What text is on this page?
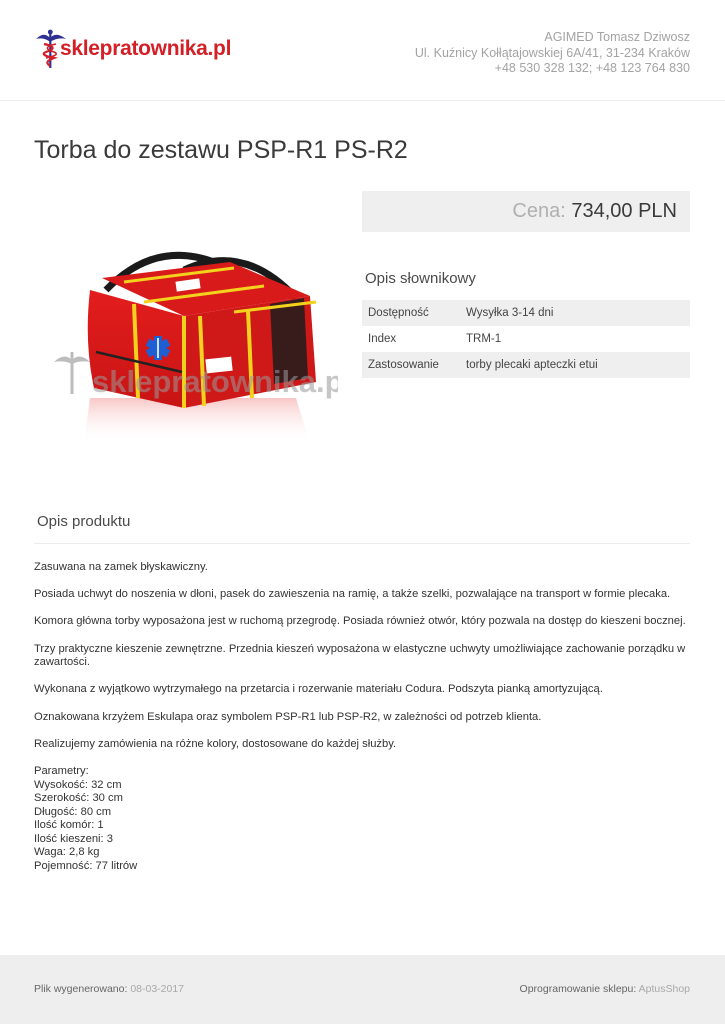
sklepratownika.pl	AGIMED Tomasz Dziwosz
Ul. Kuźnicy Kołłątajowskiej 6A/41, 31-234 Kraków
+48 530 328 132; +48 123 764 830
Torba do zestawu PSP-R1 PS-R2
sklepratownika.pl
Cena: 734,00 PLN
Opis słownikowy
Dostępność	Wysyłka 3-14 dni
Index	TRM-1
Zastosowanie	torby plecaki apteczki etui
Opis produktu

Zasuwana na zamek błyskawiczny.

Posiada uchwyt do noszenia w dłoni, pasek do zawieszenia na ramię, a także szelki, pozwalające na transport w formie plecaka.

Komora główna torby wyposażona jest w ruchomą przegrodę. Posiada również otwór, który pozwala na dostęp do kieszeni bocznej.

Trzy praktyczne kieszenie zewnętrzne. Przednia kieszeń wyposażona w elastyczne uchwyty umożliwiające zachowanie porządku w zawartości.

Wykonana z wyjątkowo wytrzymałego na przetarcia i rozerwanie materiału Codura. Podszyta pianką amortyzującą.

Oznakowana krzyżem Eskulapa oraz symbolem PSP-R1 lub PSP-R2, w zależności od potrzeb klienta.

Realizujemy zamówienia na różne kolory, dostosowane do każdej służby.

Parametry:

Wysokość: 32 cm

Szerokość: 30 cm

Długość: 80 cm

Ilość komór: 1

Ilość kieszeni: 3

Waga: 2,8 kg

Pojemność: 77 litrów

Plik wygenerowano: 08-03-2017	Oprogramowanie sklepu: AptusShop
